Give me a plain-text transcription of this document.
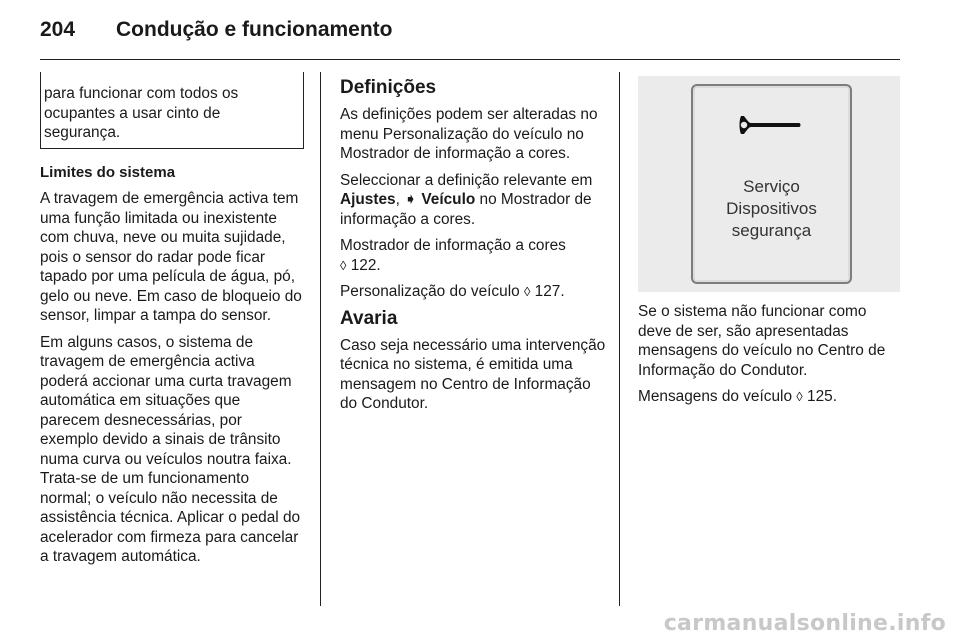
204 Condução e funcionamento
para funcionar com todos os ocupantes a usar cinto de segurança.

Limites do sistema

A travagem de emergência activa tem uma função limitada ou inexistente com chuva, neve ou muita sujidade, pois o sensor do radar pode ficar tapado por uma película de água, pó, gelo ou neve. Em caso de bloqueio do sensor, limpar a tampa do sensor.

Em alguns casos, o sistema de travagem de emergência activa poderá accionar uma curta travagem automática em situações que parecem desnecessárias, por exemplo devido a sinais de trânsito numa curva ou veículos noutra faixa. Trata-se de um funcionamento normal; o veículo não necessita de assistência técnica. Aplicar o pedal do acelerador com firmeza para cancelar a travagem automática.

Definições

As definições podem ser alteradas no menu Personalização do veículo no Mostrador de informação a cores.

Seleccionar a definição relevante em Ajustes, ➧ Veículo no Mostrador de informação a cores.

Mostrador de informação a cores
◊ 122.

Personalização do veículo ◊ 127.

Avaria

Caso seja necessário uma intervenção técnica no sistema, é emitida uma mensagem no Centro de Informação do Condutor.

Serviço
Dispositivos
segurança

Se o sistema não funcionar como deve de ser, são apresentadas mensagens do veículo no Centro de Informação do Condutor.

Mensagens do veículo ◊ 125.

carmanualsonline.info
